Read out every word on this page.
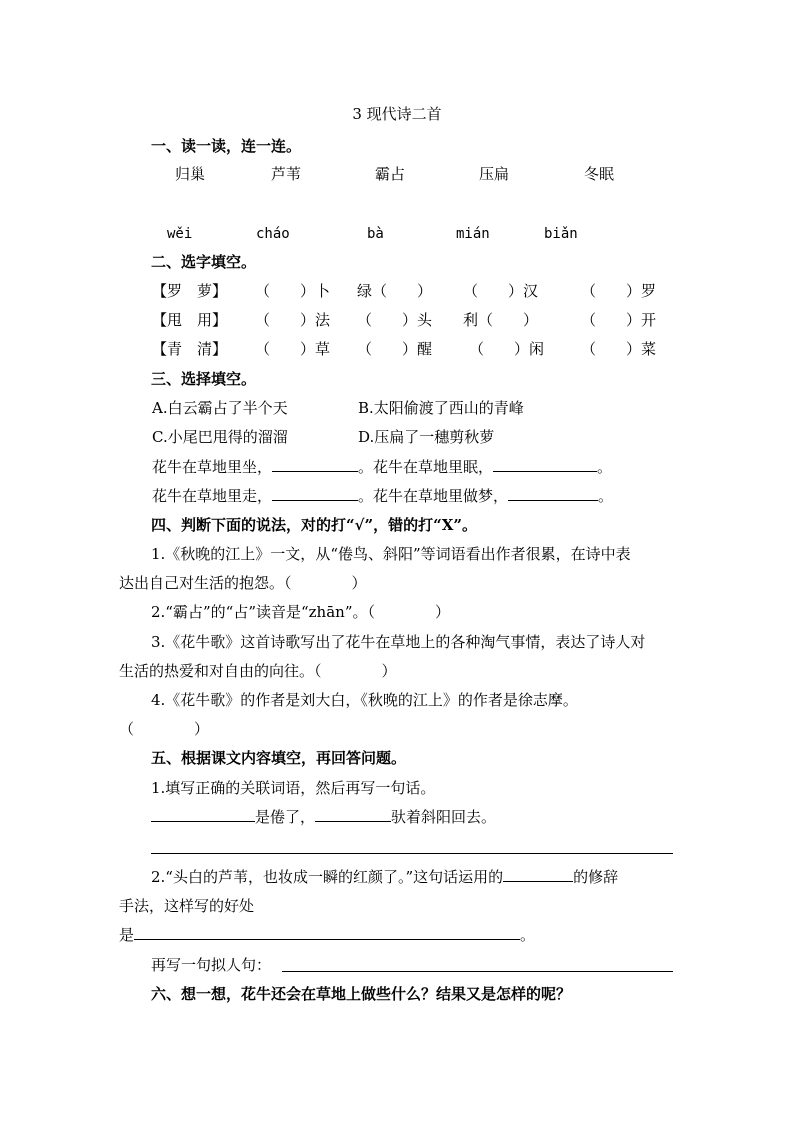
3 现代诗二首
一、读一读，连一连。
归巢	芦苇	霸占	压扁	冬眠
wěi	cháo	bà	mián	biǎn
二、选字填空。
【罗　萝】 （　　）卜 绿（　　） （　　）汉	（　　）罗
【甩　用】 （　　）法 （　　）头 利（　　）	（　　）开
【青　清】 （　　）草 （　　）醒 （　　）闲 （　　）菜
三、选择填空。
A.白云霸占了半个天	B.太阳偷渡了西山的青峰
C.小尾巴甩得的溜溜	D.压扁了一穗剪秋萝
花牛在草地里坐，	。花牛在草地里眠，	。
花牛在草地里走，	。花牛在草地里做梦，	。
四、判断下面的说法，对的打“√”，错的打“X”。
1.《秋晚的江上》一文，从“倦鸟、斜阳”等词语看出作者很累，在诗中表
达出自己对生活的抱怨。（　　　　）
2.“霸占”的“占”读音是“zhān”。（　　　　）
3.《花牛歌》这首诗歌写出了花牛在草地上的各种淘气事情，表达了诗人对
生活的热爱和对自由的向往。（　　　　）
4.《花牛歌》的作者是刘大白，《秋晚的江上》的作者是徐志摩。
（　　　　）
五、根据课文内容填空，再回答问题。
1.填写正确的关联词语，然后再写一句话。
是倦了，	驮着斜阳回去。
2.“头白的芦苇，也妆成一瞬的红颜了。”这句话运用的	的修辞
手法，这样写的好处
是	。
再写一句拟人句：
六、想一想，花牛还会在草地上做些什么？结果又是怎样的呢？
